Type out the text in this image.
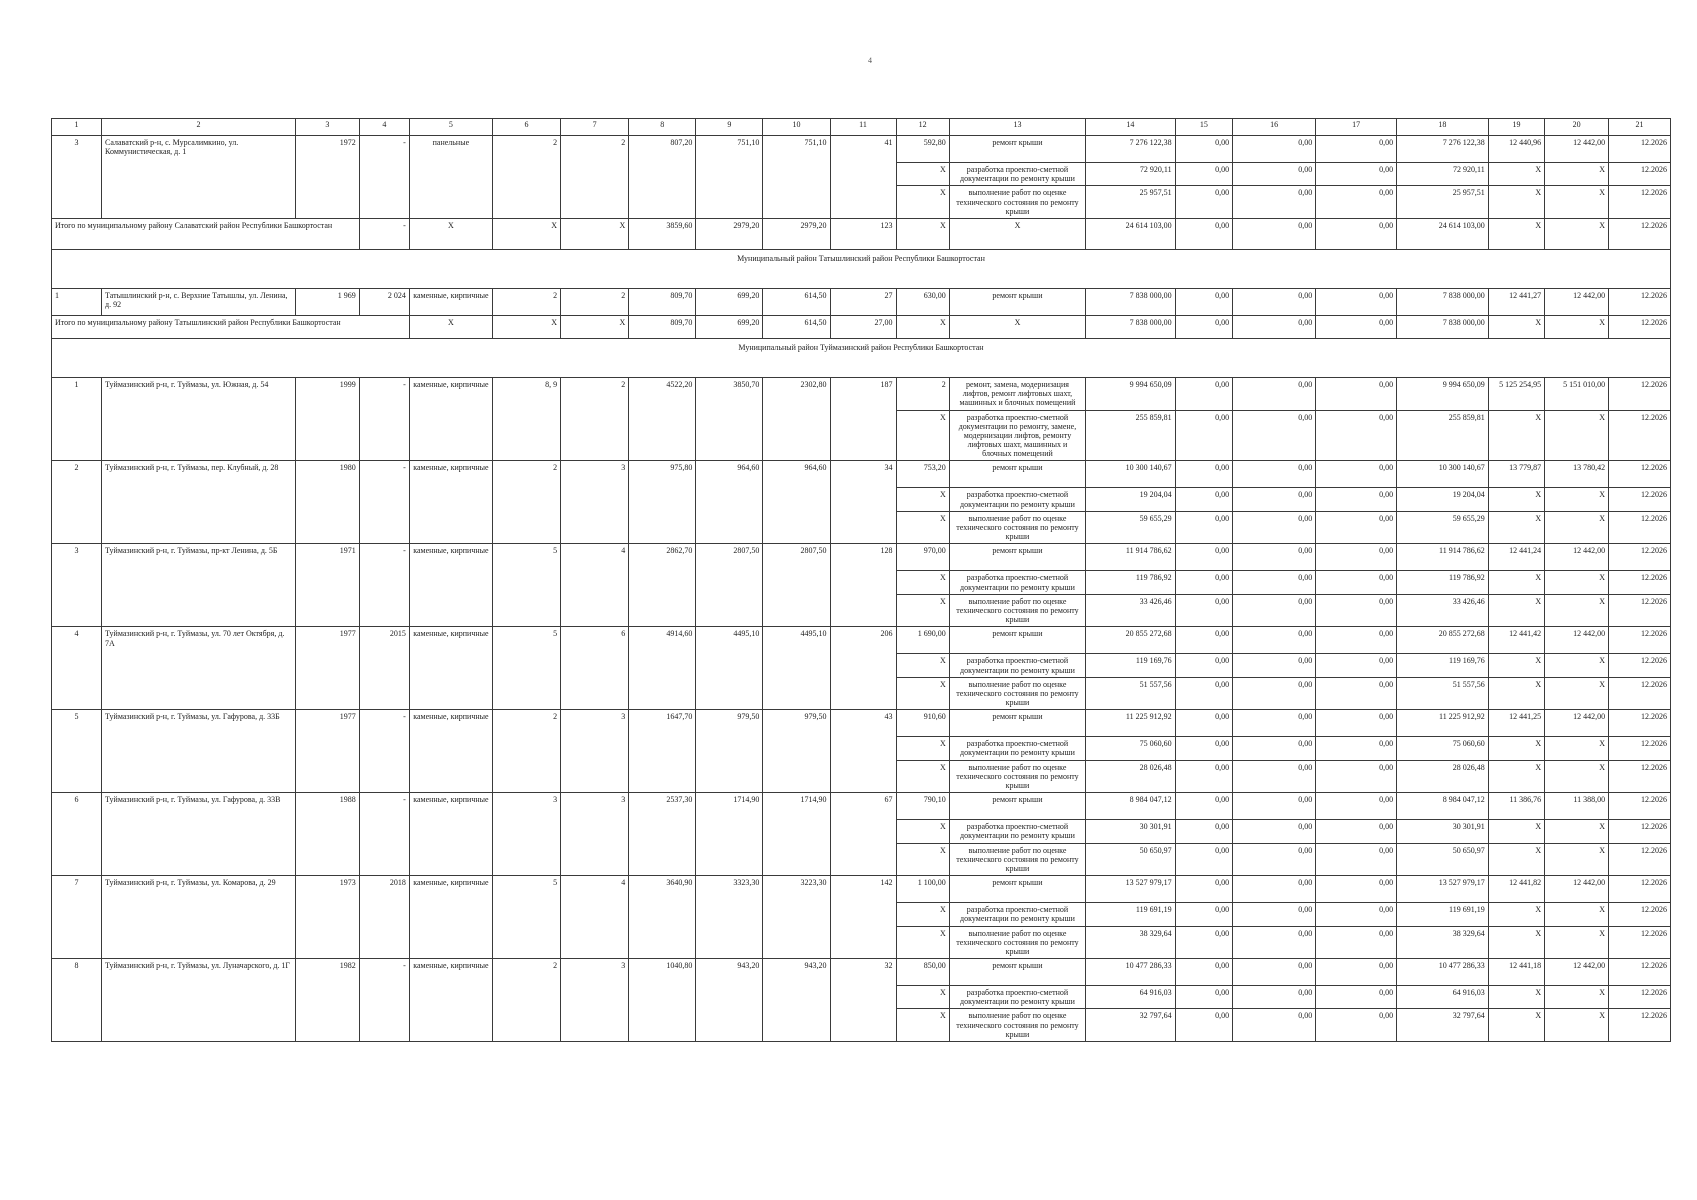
4
1	2	3	4	5	6	7	8	9	10	11	12	13	14	15	16	17	18	19	20	21
3	Салаватский р-н, с. Мурсалимкино, ул. Коммунистическая, д. 1	1972	-	панельные	2	2	807,20	751,10	751,10	41	592,80	ремонт крыши	7 276 122,38	0,00	0,00	0,00	7 276 122,38	12 440,96	12 442,00	12.2026
											X	разработка проектно-сметной документации по ремонту крыши	72 920,11	0,00	0,00	0,00	72 920,11	X	X	12.2026
											X	выполнение работ по оценке технического состояния по ремонту крыши	25 957,51	0,00	0,00	0,00	25 957,51	X	X	12.2026
Итого по муниципальному району Салаватский район Республики Башкортостан			-	X	X	X	3859,60	2979,20	2979,20	123	X	X	24 614 103,00	0,00	0,00	0,00	24 614 103,00	X	X	12.2026
Муниципальный район Татышлинский район Республики Башкортостан																				
1	Татышлинский р-н, с. Верхние Татышлы, ул. Ленина, д. 92	1 969	2 024	каменные, кирпичные	2	2	809,70	699,20	614,50	27	630,00	ремонт крыши	7 838 000,00	0,00	0,00	0,00	7 838 000,00	12 441,27	12 442,00	12.2026
Итого по муниципальному району Татышлинский район Республики Башкортостан				X	X	X	809,70	699,20	614,50	27,00	X	X	7 838 000,00	0,00	0,00	0,00	7 838 000,00	X	X	12.2026
Муниципальный район Туймазинский район Республики Башкортостан																				
1	Туймазинский р-н, г. Туймазы, ул. Южная, д. 54	1999	-	каменные, кирпичные	8, 9	2	4522,20	3850,70	2302,80	187	2	ремонт, замена, модернизация лифтов, ремонт лифтовых шахт, машинных и блочных помещений	9 994 650,09	0,00	0,00	0,00	9 994 650,09	5 125 254,95	5 151 010,00	12.2026
											X	разработка проектно-сметной документации по ремонту, замене, модернизации лифтов, ремонту лифтовых шахт, машинных и блочных помещений	255 859,81	0,00	0,00	0,00	255 859,81	X	X	12.2026
2	Туймазинский р-н, г. Туймазы, пер. Клубный, д. 28	1980	-	каменные, кирпичные	2	3	975,80	964,60	964,60	34	753,20	ремонт крыши	10 300 140,67	0,00	0,00	0,00	10 300 140,67	13 779,87	13 780,42	12.2026
											X	разработка проектно-сметной документации по ремонту крыши	19 204,04	0,00	0,00	0,00	19 204,04	X	X	12.2026
											X	выполнение работ по оценке технического состояния по ремонту крыши	59 655,29	0,00	0,00	0,00	59 655,29	X	X	12.2026
3	Туймазинский р-н, г. Туймазы, пр-кт Ленина, д. 5Б	1971	-	каменные, кирпичные	5	4	2862,70	2807,50	2807,50	128	970,00	ремонт крыши	11 914 786,62	0,00	0,00	0,00	11 914 786,62	12 441,24	12 442,00	12.2026
											X	разработка проектно-сметной документации по ремонту крыши	119 786,92	0,00	0,00	0,00	119 786,92	X	X	12.2026
											X	выполнение работ по оценке технического состояния по ремонту крыши	33 426,46	0,00	0,00	0,00	33 426,46	X	X	12.2026
4	Туймазинский р-н, г. Туймазы, ул. 70 лет Октября, д. 7А	1977	2015	каменные, кирпичные	5	6	4914,60	4495,10	4495,10	206	1 690,00	ремонт крыши	20 855 272,68	0,00	0,00	0,00	20 855 272,68	12 441,42	12 442,00	12.2026
											X	разработка проектно-сметной документации по ремонту крыши	119 169,76	0,00	0,00	0,00	119 169,76	X	X	12.2026
											X	выполнение работ по оценке технического состояния по ремонту крыши	51 557,56	0,00	0,00	0,00	51 557,56	X	X	12.2026
5	Туймазинский р-н, г. Туймазы, ул. Гафурова, д. 33Б	1977	-	каменные, кирпичные	2	3	1647,70	979,50	979,50	43	910,60	ремонт крыши	11 225 912,92	0,00	0,00	0,00	11 225 912,92	12 441,25	12 442,00	12.2026
											X	разработка проектно-сметной документации по ремонту крыши	75 060,60	0,00	0,00	0,00	75 060,60	X	X	12.2026
											X	выполнение работ по оценке технического состояния по ремонту крыши	28 026,48	0,00	0,00	0,00	28 026,48	X	X	12.2026
6	Туймазинский р-н, г. Туймазы, ул. Гафурова, д. 33В	1988	-	каменные, кирпичные	3	3	2537,30	1714,90	1714,90	67	790,10	ремонт крыши	8 984 047,12	0,00	0,00	0,00	8 984 047,12	11 386,76	11 388,00	12.2026
											X	разработка проектно-сметной документации по ремонту крыши	30 301,91	0,00	0,00	0,00	30 301,91	X	X	12.2026
											X	выполнение работ по оценке технического состояния по ремонту крыши	50 650,97	0,00	0,00	0,00	50 650,97	X	X	12.2026
7	Туймазинский р-н, г. Туймазы, ул. Комарова, д. 29	1973	2018	каменные, кирпичные	5	4	3640,90	3323,30	3223,30	142	1 100,00	ремонт крыши	13 527 979,17	0,00	0,00	0,00	13 527 979,17	12 441,82	12 442,00	12.2026
											X	разработка проектно-сметной документации по ремонту крыши	119 691,19	0,00	0,00	0,00	119 691,19	X	X	12.2026
											X	выполнение работ по оценке технического состояния по ремонту крыши	38 329,64	0,00	0,00	0,00	38 329,64	X	X	12.2026
8	Туймазинский р-н, г. Туймазы, ул. Луначарского, д. 1Г	1982	-	каменные, кирпичные	2	3	1040,80	943,20	943,20	32	850,00	ремонт крыши	10 477 286,33	0,00	0,00	0,00	10 477 286,33	12 441,18	12 442,00	12.2026
											X	разработка проектно-сметной документации по ремонту крыши	64 916,03	0,00	0,00	0,00	64 916,03	X	X	12.2026
											X	выполнение работ по оценке технического состояния по ремонту крыши	32 797,64	0,00	0,00	0,00	32 797,64	X	X	12.2026
